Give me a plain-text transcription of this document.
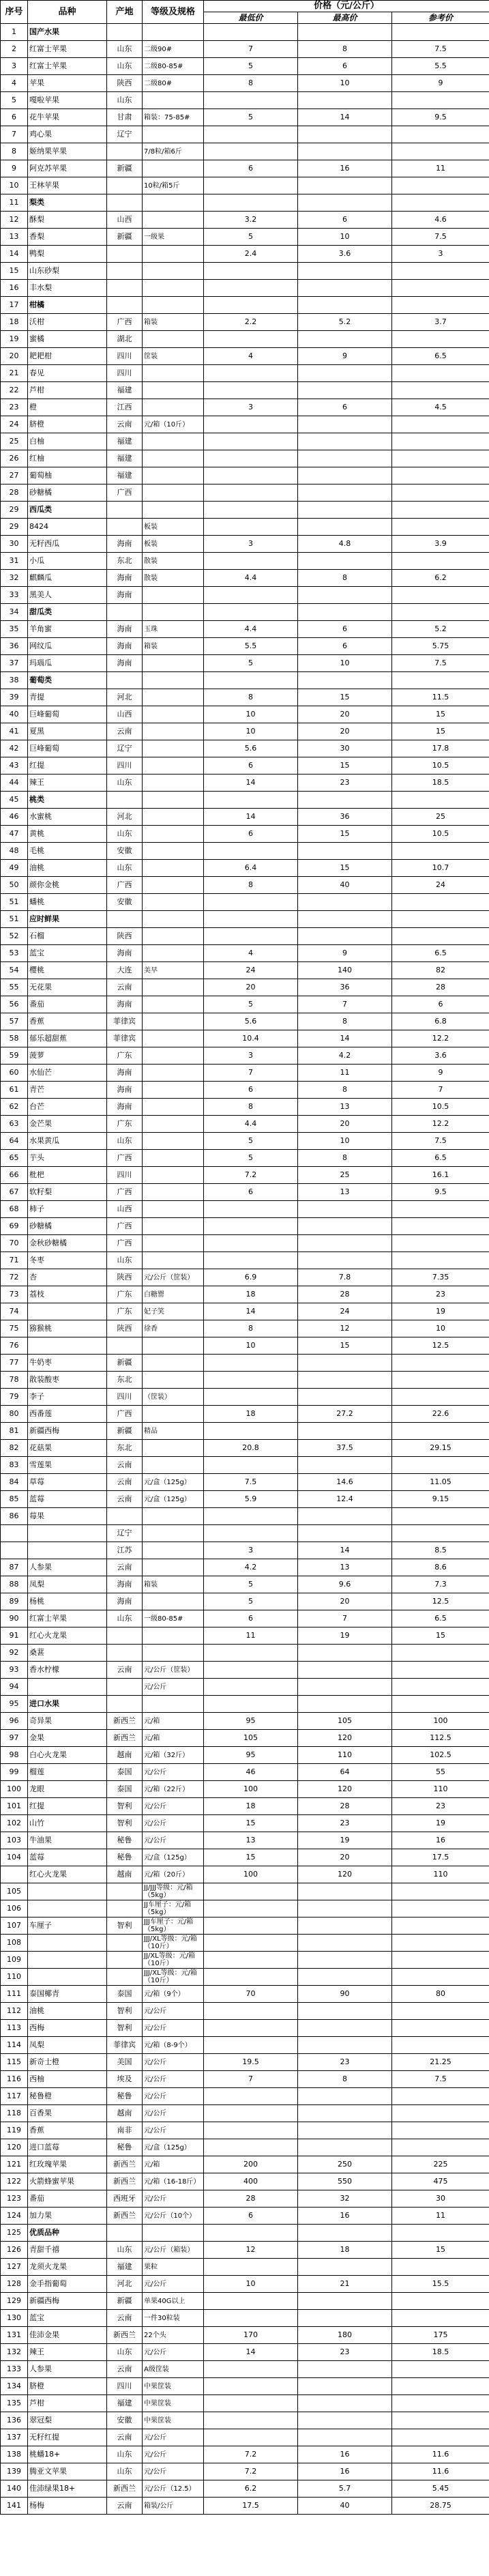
序号	品种	产地	等级及规格	价格（元/公斤）		
				最低价	最高价	参考价
1	国产水果					
2	红富士苹果	山东	二级90#	7	8	7.5
3	红富士苹果	山东	二级80-85#	5	6	5.5
4	苹果	陕西	二级80#	8	10	9
5	嘎啦苹果	山东				
6	花牛苹果	甘肃	箱装：75-85#	5	14	9.5
7	鸡心果	辽宁				
8	姬纳果苹果		7/8粒/箱6斤			
9	阿克苏苹果	新疆		6	16	11
10	王林苹果		10粒/箱5斤			
11	梨类					
12	酥梨	山西		3.2	6	4.6
13	香梨	新疆	一级果	5	10	7.5
14	鸭梨			2.4	3.6	3
15	山东砂梨					
16	丰水梨					
17	柑橘					
18	沃柑	广西	箱装	2.2	5.2	3.7
19	蜜橘	湖北				
20	耙耙柑	四川	筐装	4	9	6.5
21	春见	四川				
22	芦柑	福建				
23	橙	江西		3	6	4.5
24	脐橙	云南	元/箱（10斤）			
25	白柚	福建				
26	红柚	福建				
27	葡萄柚	福建				
28	砂糖橘	广西				
29	西瓜类					
29	8424		板装			
30	无籽西瓜	海南	板装	3	4.8	3.9
31	小瓜	东北	散装			
32	麒麟瓜	海南	散装	4.4	8	6.2
33	黑美人	海南				
34	甜瓜类					
35	羊角蜜	海南	玉珠	4.4	6	5.2
36	网纹瓜	海南	箱装	5.5	6	5.75
37	玛瑙瓜	海南		5	10	7.5
38	葡萄类					
39	青提	河北		8	15	11.5
40	巨峰葡萄	山西		10	20	15
41	夏黑	云南		10	20	15
42	巨峰葡萄	辽宁		5.6	30	17.8
43	红提	四川		6	15	10.5
44	辣王	山东		14	23	18.5
45	桃类					
46	水蜜桃	河北		14	36	25
47	黄桃	山东		6	15	10.5
48	毛桃	安徽				
49	油桃	山东		6.4	15	10.7
50	颜你金桃	广西		8	40	24
51	蟠桃	安徽				
51	应时鲜果					
52	石榴	陕西				
53	蓝宝	海南		4	9	6.5
54	樱桃	大连	美早	24	140	82
55	无花果	云南		20	36	28
56	番茄	海南		5	7	6
57	香蕉	菲律宾		5.6	8	6.8
58	郁乐超甜蕉	菲律宾		10.4	14	12.2
59	菠萝	广东		3	4.2	3.6
60	水仙芒	海南		7	11	9
61	青芒	海南		6	8	7
62	台芒	海南		8	13	10.5
63	金芒果	广东		4.4	20	12.2
64	水果黄瓜	山东		5	10	7.5
65	芋头	广西		5	8	6.5
66	枇杷	四川		7.2	25	16.1
67	软籽梨	广西		6	13	9.5
68	柿子	山西				
69	砂糖橘	广西				
70	金秋砂糖橘	广西				
71	冬枣	山东				
72	杏	陕西	元/公斤（筐装）	6.9	7.8	7.35
73	荔枝	广东	白糖罂	18	28	23
74		广东	妃子笑	14	24	19
75	猕猴桃	陕西	徐香	8	12	10
76				10	15	12.5
77	牛奶枣	新疆				
78	散装酸枣	东北				
79	李子	四川	（筐装）			
80	西番莲	广西		18	27.2	22.6
81	新疆西梅	新疆	精品			
82	花菇果	东北		20.8	37.5	29.15
83	雪莲果	云南				
84	草莓	云南	元/盒（125g）	7.5	14.6	11.05
85	蓝莓	云南	元/盒（125g）	5.9	12.4	9.15
86	莓果					
		辽宁				
		江苏		3	14	8.5
87	人参果	云南		4.2	13	8.6
88	凤梨	海南	箱装	5	9.6	7.3
89	杨桃	海南		5	20	12.5
90	红富士苹果	山东	一级80-85#	6	7	6.5
91	红心火龙果			11	19	15
92	桑葚					
93	香水柠檬	云南	元/公斤（筐装）			
94			元/公斤			
95	进口水果					
96	奇异果	新西兰	元/箱	95	105	100
97	金果	新西兰	元/箱	105	120	112.5
98	白心火龙果	越南	元/箱（32斤）	95	110	102.5
99	榴莲	泰国	元/公斤	46	64	55
100	龙眼	泰国	元/箱（22斤）	100	120	110
101	红提	智利	元/公斤	18	28	23
102	山竹	智利	元/公斤	15	23	19
103	牛油果	秘鲁	元/公斤	13	19	16
104	蓝莓	秘鲁	元/盒（125g）	15	20	17.5
	红心火龙果	越南	元/箱（20斤）	100	120	110
105			JJ/JJJ等级：元/箱（5kg）			
106			JJ车厘子：元/箱（5kg）			
107	车厘子	智利	JJJ车厘子：元/箱（5kg）			
108			JJJ/XL等级：元/箱（10斤）			
109			JJ/XL等级：元/箱（10斤）			
110			JJJ/XL等级：元/箱（10斤）			
111	泰国椰青	泰国	元/箱（9个）	70	90	80
112	油桃	智利	元/公斤			
113	西梅	智利	元/公斤			
114	凤梨	菲律宾	元/箱（8-9个）			
115	新奇士橙	美国	元/公斤	19.5	23	21.25
116	西柚	埃及	元/公斤	7	8	7.5
117	秘鲁橙	秘鲁	元/公斤			
118	百香果	越南	元/公斤			
119	香蕉	南非	元/公斤			
120	进口蓝莓	秘鲁	元/盒（125g）			
121	红玫瑰苹果	新西兰	元/箱	200	250	225
122	火箭蜂蜜苹果	新西兰	元/箱（16-18斤）	400	550	475
123	番茄	西班牙	元/公斤	28	32	30
124	加力果	新西兰	元/公斤（10个）	6	16	11
125	优质品种					
126	青甜千禧	山东	元/公斤（箱装）	12	18	15
127	龙须火龙果	福建	果粒			
128	金手指葡萄	河北	元/公斤	10	21	15.5
129	新疆西梅	新疆	单果40G以上			
130	蓝宝	云南	一件30粒装			
131	佳沛金果	新西兰	22个头	170	180	175
132	辣王	山东	元/公斤	14	23	18.5
133	人参果	云南	A级筐装			
134	脐橙	四川	中果筐装			
135	芦柑	福建	中果筐装			
136	翠冠梨	安徽	中果筐装			
137	无籽红提	云南	元/公斤			
138	桃蟠18+	山东	元/公斤	7.2	16	11.6
139	腾亚文苹果	山东	元/公斤	7.2	16	11.6
140	佳沛绿果18+	新西兰	元/公斤（12.5）	6.2	5.7	5.45
141	杨梅	云南	箱装/公斤	17.5	40	28.75
